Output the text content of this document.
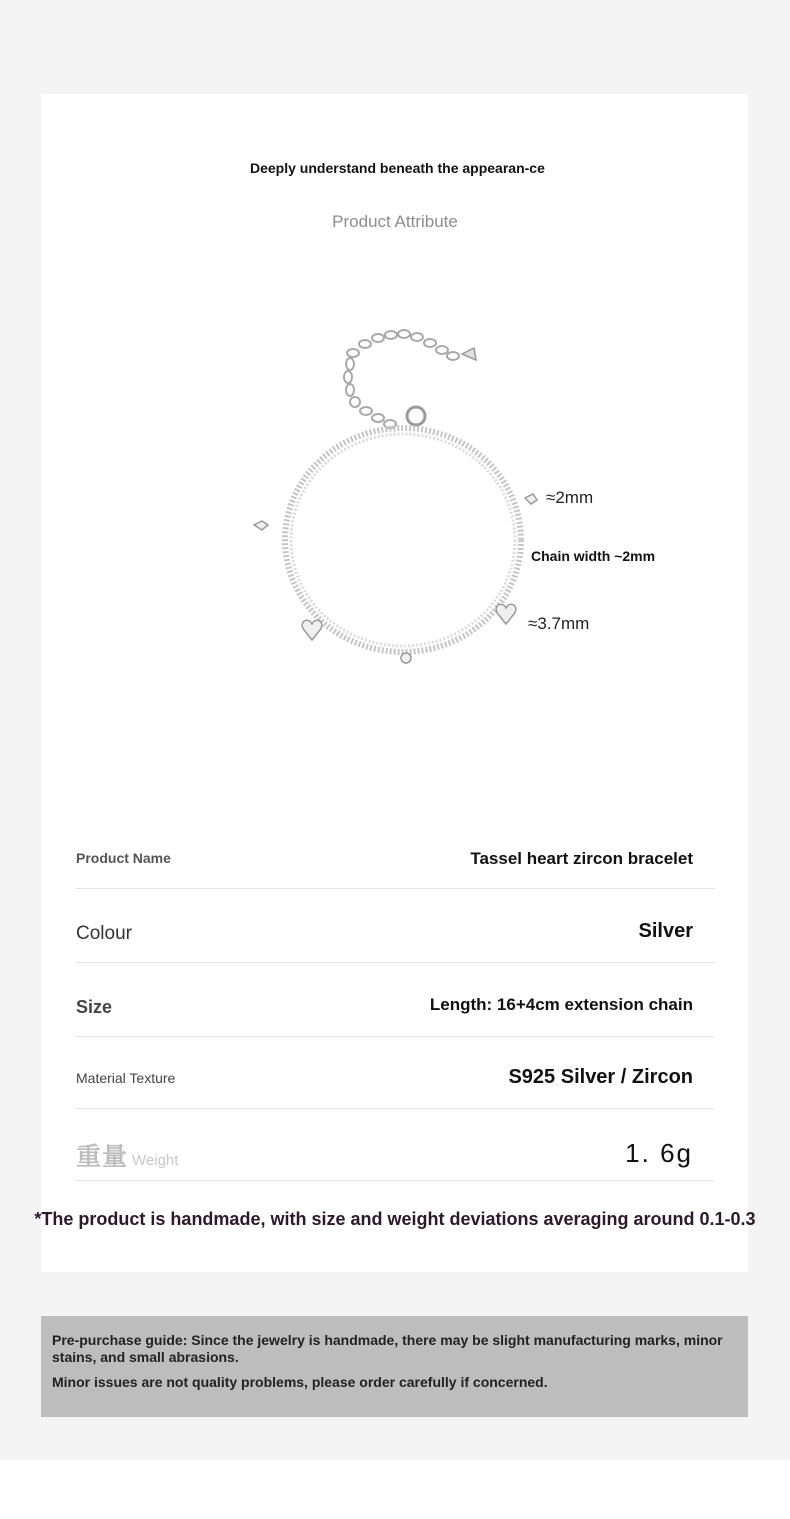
Deeply understand beneath the appearan-ce
Product Attribute
≈2mm
Chain width ~2mm
≈3.7mm
Product Name	Tassel heart zircon bracelet
Colour	Silver
Size	Length: 16+4cm extension chain
Material Texture	S925 Silver / Zircon
重量 Weight	1. 6g
*The product is handmade, with size and weight deviations averaging around 0.1-0.3

Pre-purchase guide: Since the jewelry is handmade, there may be slight manufacturing marks, minor stains, and small abrasions.

Minor issues are not quality problems, please order carefully if concerned.
